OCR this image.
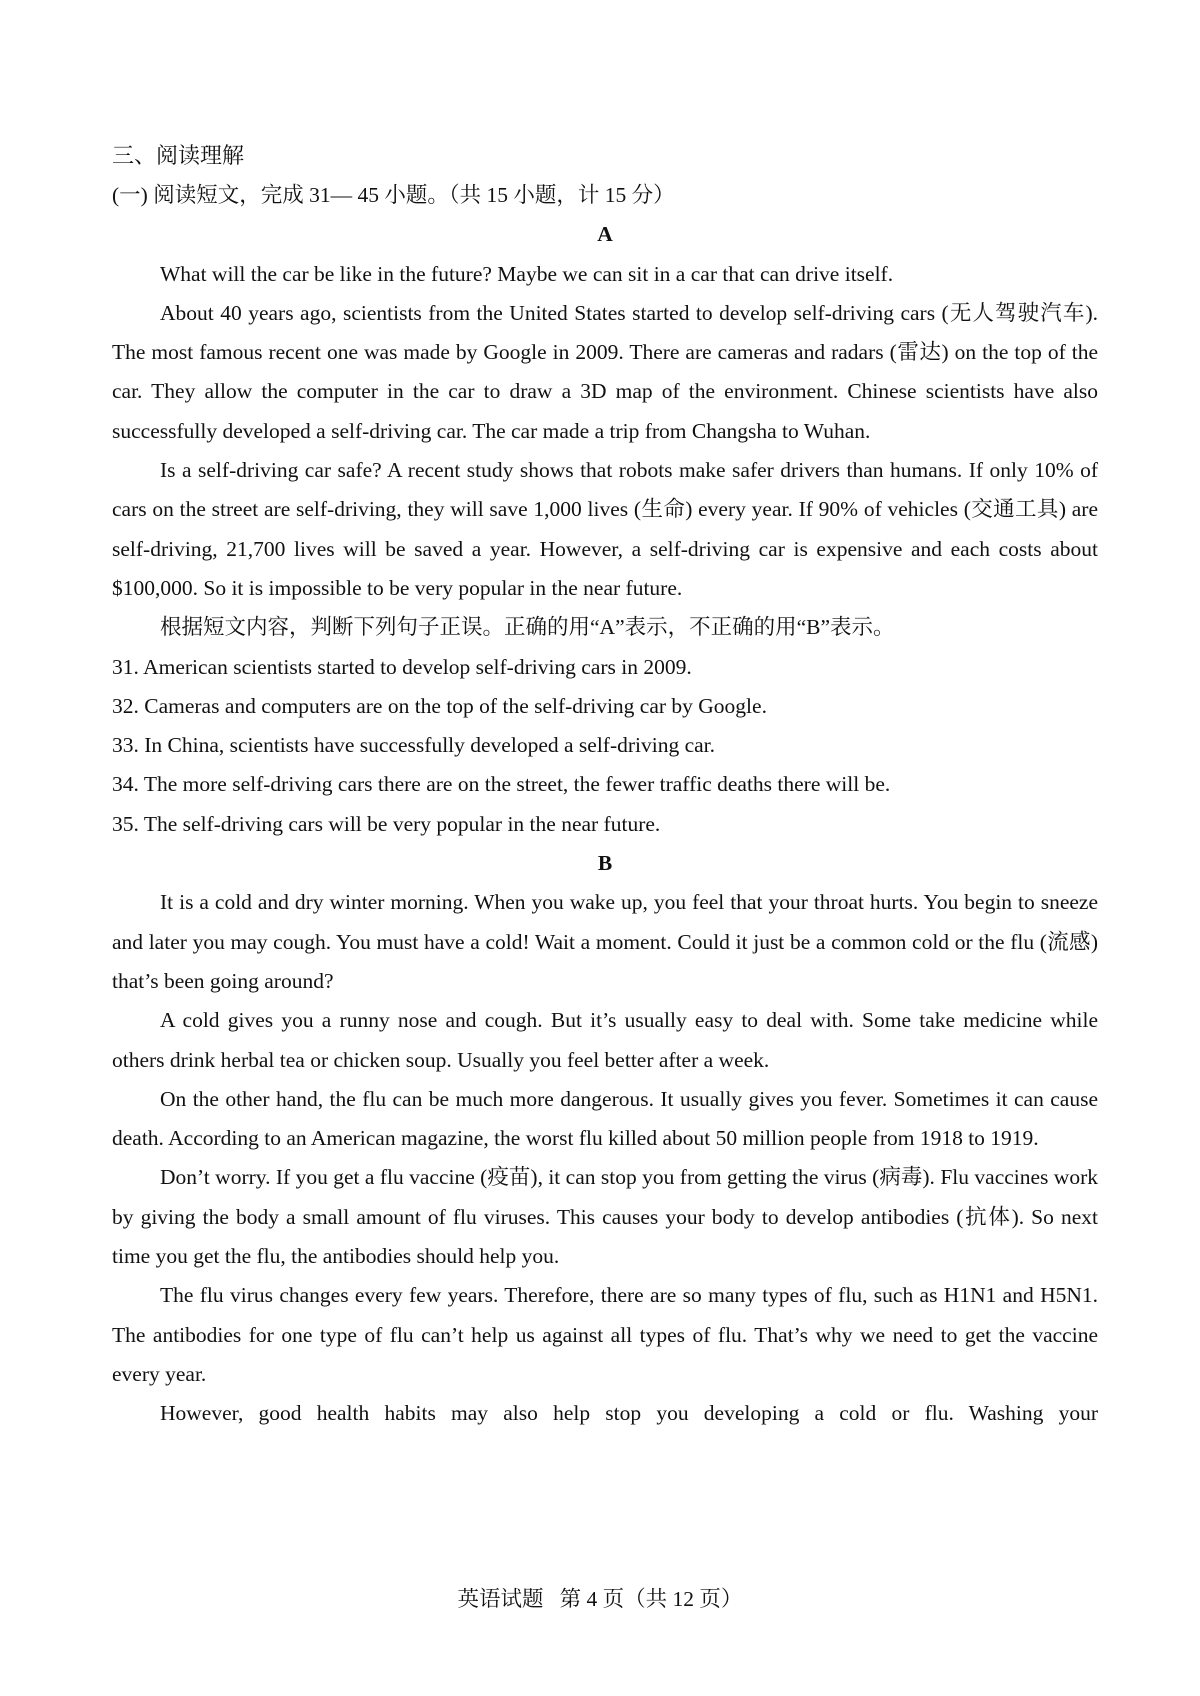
三、阅读理解
(一) 阅读短文，完成 31— 45 小题。（共 15 小题，计 15 分）
A

What will the car be like in the future? Maybe we can sit in a car that can drive itself.

About 40 years ago, scientists from the United States started to develop self-driving cars (无人驾驶汽车). The most famous recent one was made by Google in 2009. There are cameras and radars (雷达) on the top of the car. They allow the computer in the car to draw a 3D map of the environment. Chinese scientists have also successfully developed a self-driving car. The car made a trip from Changsha to Wuhan.

Is a self-driving car safe? A recent study shows that robots make safer drivers than humans. If only 10% of cars on the street are self-driving, they will save 1,000 lives (生命) every year. If 90% of vehicles (交通工具) are self-driving, 21,700 lives will be saved a year. However, a self-driving car is expensive and each costs about $100,000. So it is impossible to be very popular in the near future.

根据短文内容，判断下列句子正误。正确的用“A”表示，不正确的用“B”表示。

31. American scientists started to develop self-driving cars in 2009.

32. Cameras and computers are on the top of the self-driving car by Google.

33. In China, scientists have successfully developed a self-driving car.

34. The more self-driving cars there are on the street, the fewer traffic deaths there will be.

35. The self-driving cars will be very popular in the near future.

B

It is a cold and dry winter morning. When you wake up, you feel that your throat hurts. You begin to sneeze and later you may cough. You must have a cold! Wait a moment. Could it just be a common cold or the flu (流感) that’s been going around?

A cold gives you a runny nose and cough. But it’s usually easy to deal with. Some take medicine while others drink herbal tea or chicken soup. Usually you feel better after a week.

On the other hand, the flu can be much more dangerous. It usually gives you fever. Sometimes it can cause death. According to an American magazine, the worst flu killed about 50 million people from 1918 to 1919.

Don’t worry. If you get a flu vaccine (疫苗), it can stop you from getting the virus (病毒). Flu vaccines work by giving the body a small amount of flu viruses. This causes your body to develop antibodies (抗体). So next time you get the flu, the antibodies should help you.

The flu virus changes every few years. Therefore, there are so many types of flu, such as H1N1 and H5N1. The antibodies for one type of flu can’t help us against all types of flu. That’s why we need to get the vaccine every year.

However, good health habits may also help stop you developing a cold or flu. Washing your

英语试题   第 4 页（共 12 页）
